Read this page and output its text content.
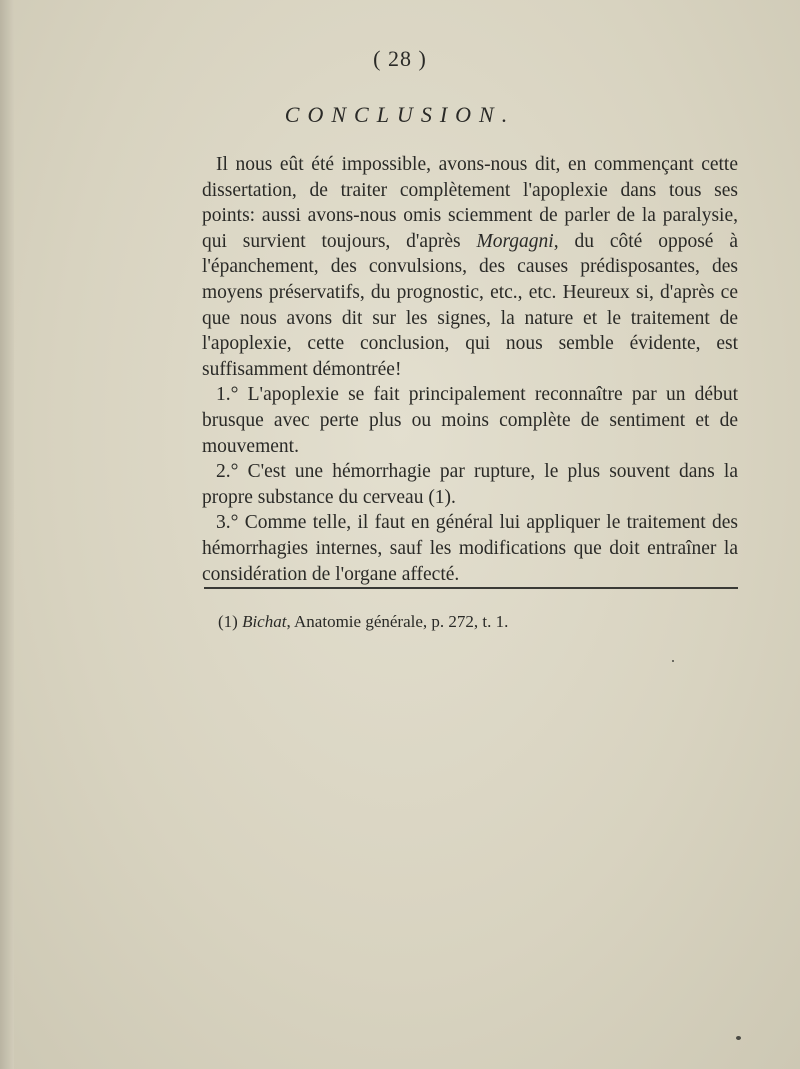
( 28 )
CONCLUSION.

Il nous eût été impossible, avons-nous dit, en commençant cette dissertation, de traiter complètement l'apoplexie dans tous ses points: aussi avons-nous omis sciemment de parler de la paralysie, qui survient toujours, d'après Morgagni, du côté opposé à l'épanchement, des convulsions, des causes prédisposantes, des moyens préservatifs, du prognostic, etc., etc. Heureux si, d'après ce que nous avons dit sur les signes, la nature et le traitement de l'apoplexie, cette conclusion, qui nous semble évidente, est suffisamment démontrée!

1.° L'apoplexie se fait principalement reconnaître par un début brusque avec perte plus ou moins complète de sentiment et de mouvement.

2.° C'est une hémorrhagie par rupture, le plus souvent dans la propre substance du cerveau (1).

3.° Comme telle, il faut en général lui appliquer le traitement des hémorrhagies internes, sauf les modifications que doit entraîner la considération de l'organe affecté.

(1) Bichat, Anatomie générale, p. 272, t. 1.
